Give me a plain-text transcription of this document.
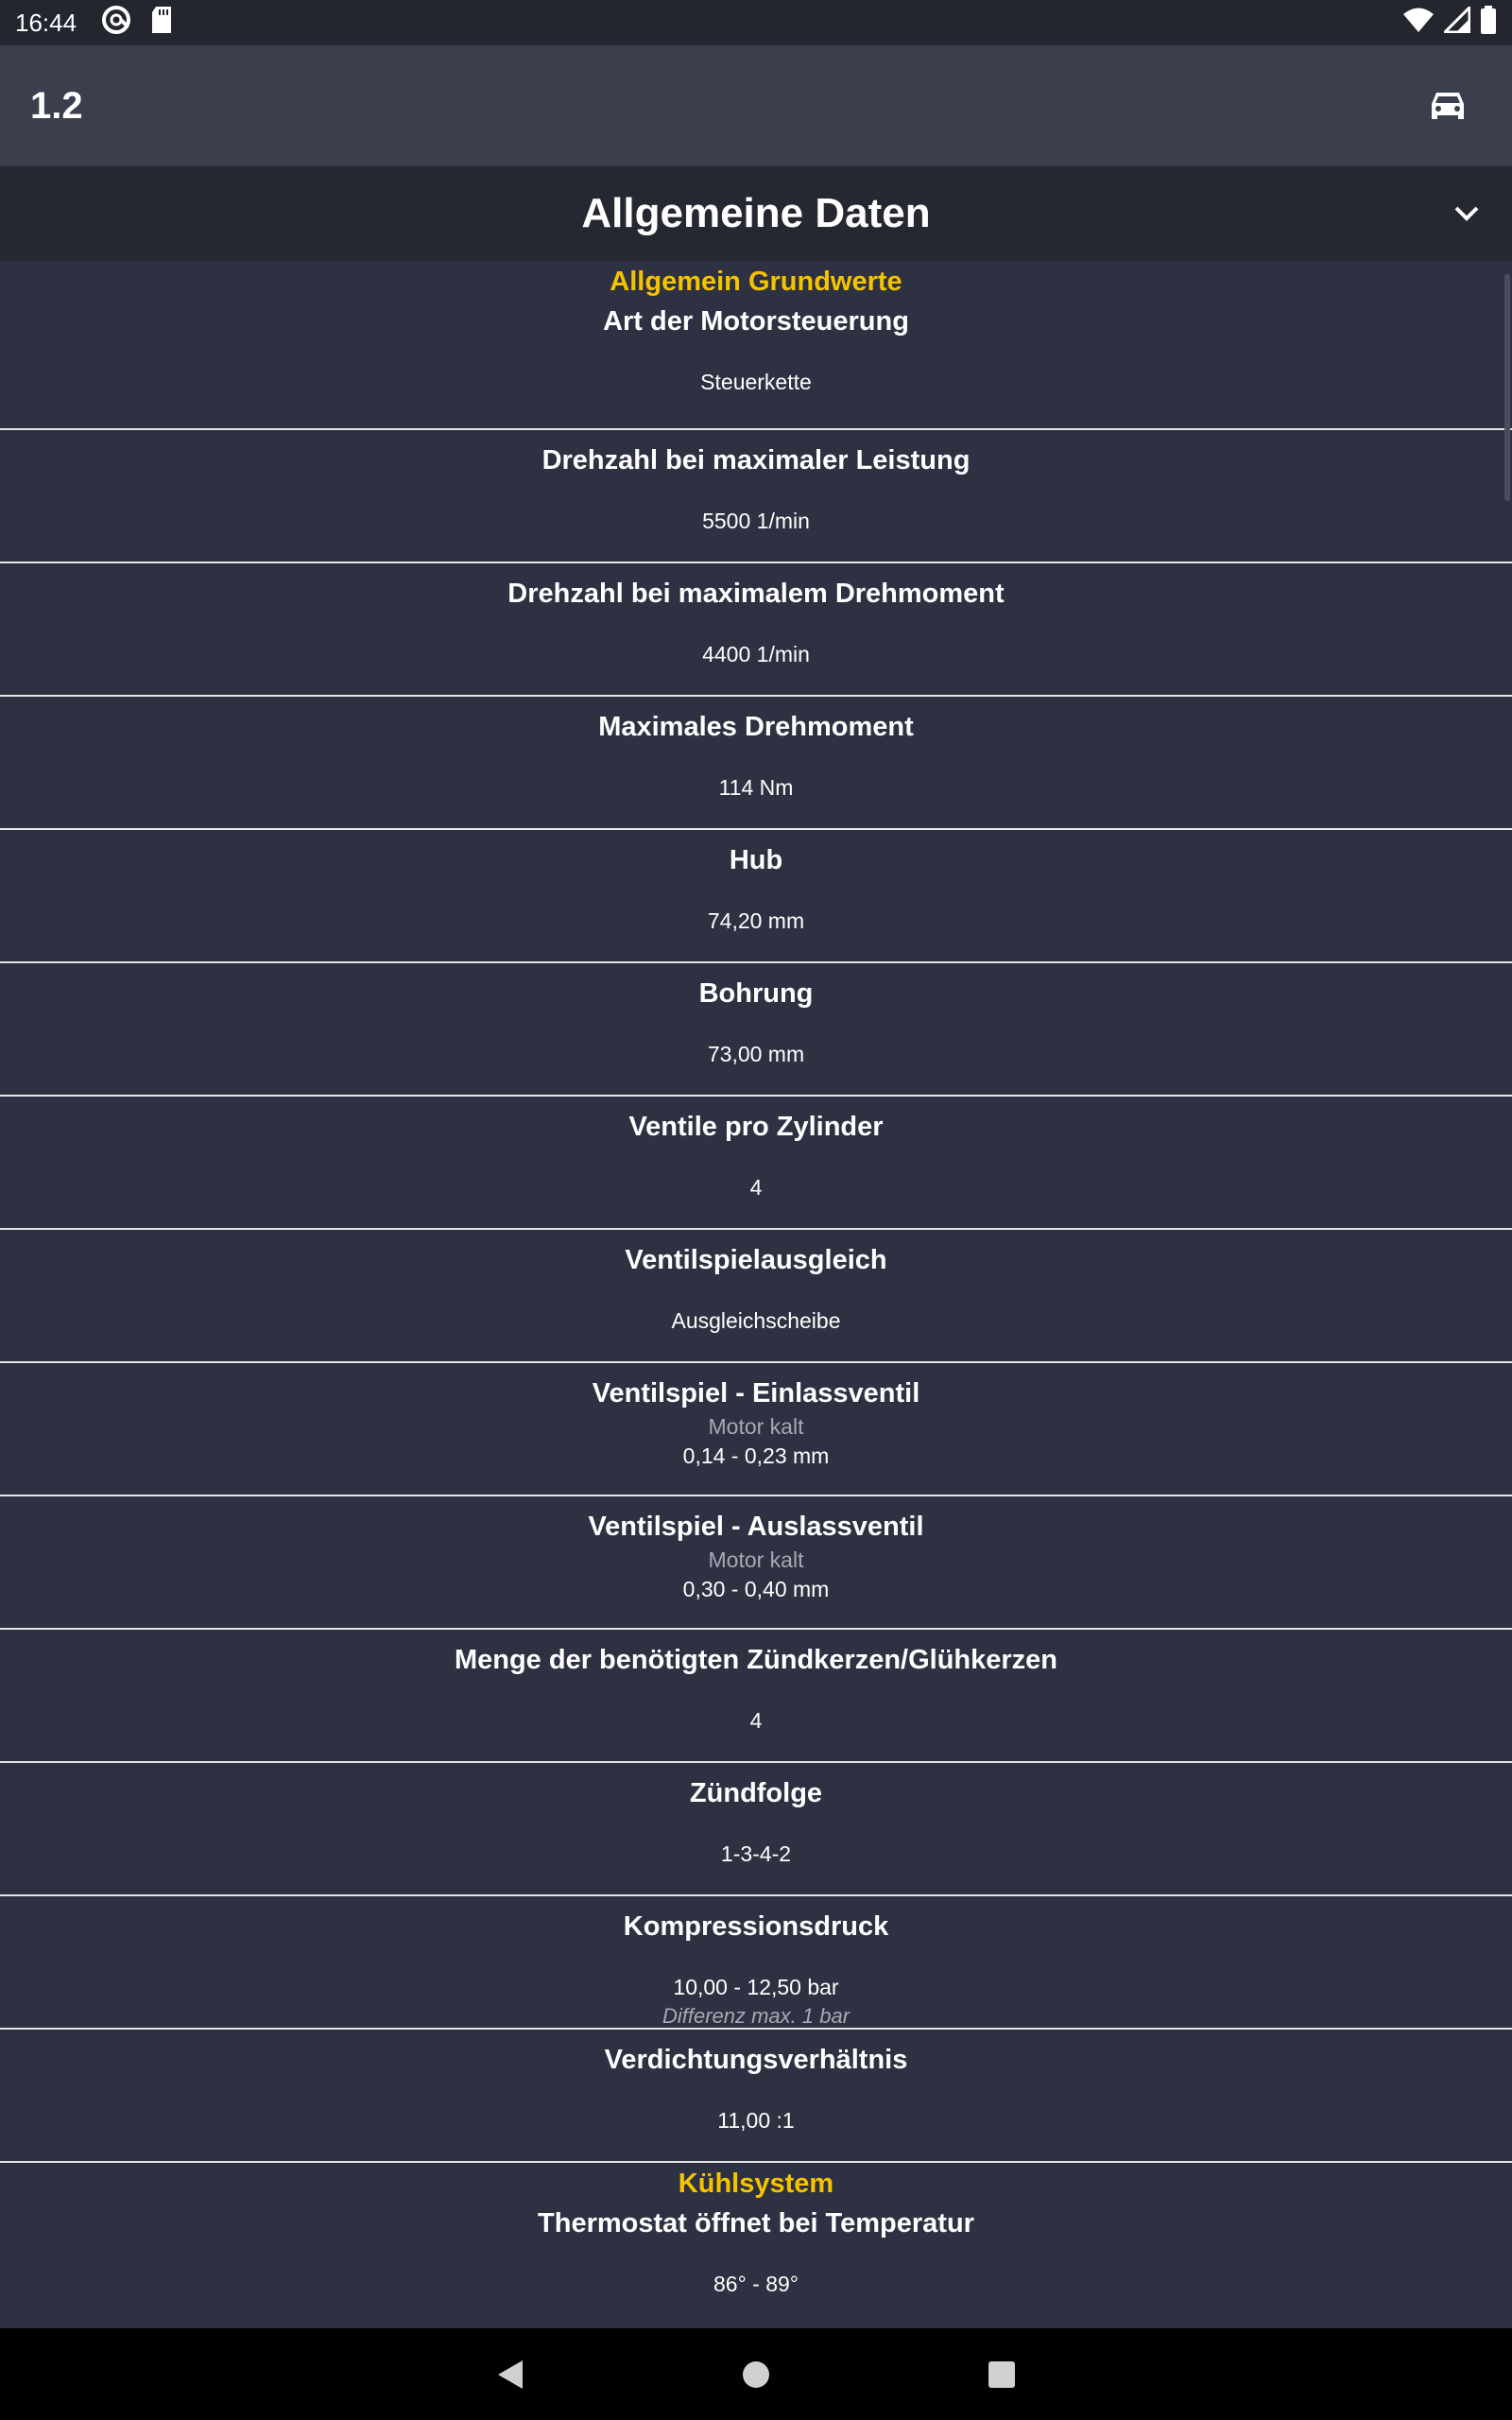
16:44
1.2
Allgemeine Daten
Allgemein Grundwerte
Art der Motorsteuerung
Steuerkette
Drehzahl bei maximaler Leistung
5500 1/min
Drehzahl bei maximalem Drehmoment
4400 1/min
Maximales Drehmoment
114 Nm
Hub
74,20 mm
Bohrung
73,00 mm
Ventile pro Zylinder
4
Ventilspielausgleich
Ausgleichscheibe
Ventilspiel - Einlassventil
Motor kalt
0,14 - 0,23 mm
Ventilspiel - Auslassventil
Motor kalt
0,30 - 0,40 mm
Menge der benötigten Zündkerzen/Glühkerzen
4
Zündfolge
1-3-4-2
Kompressionsdruck
10,00 - 12,50 bar
Differenz max. 1 bar
Verdichtungsverhältnis
11,00 :1
Kühlsystem
Thermostat öffnet bei Temperatur
86° - 89°
